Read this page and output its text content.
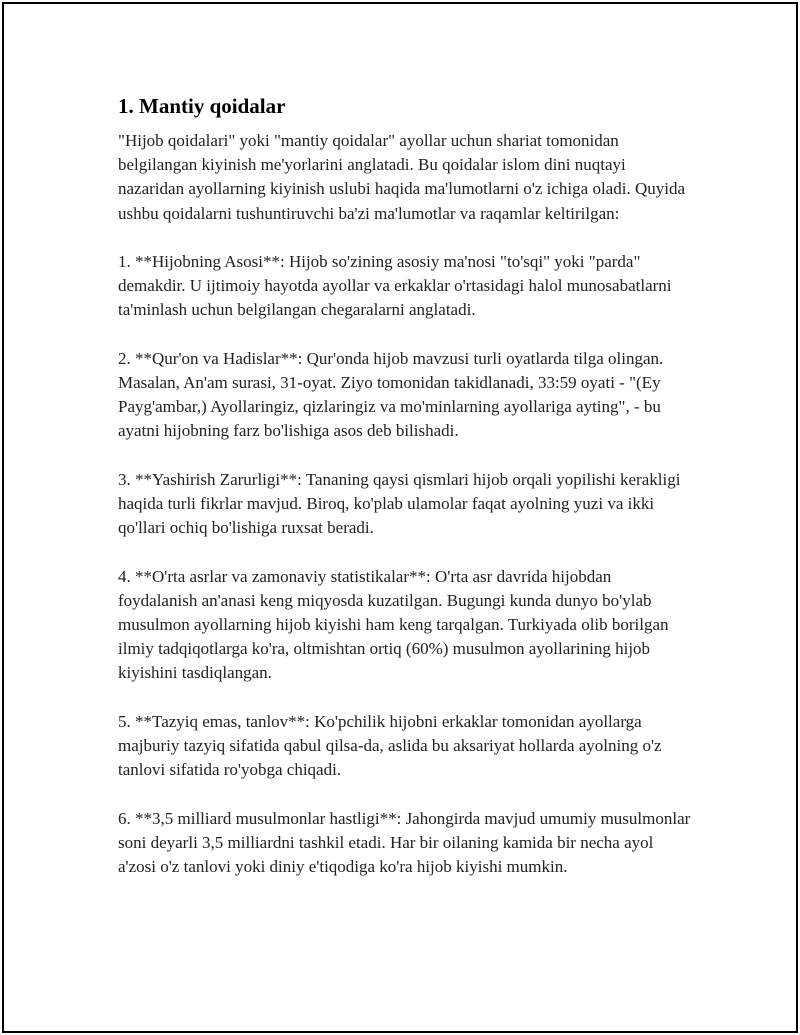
1. Mantiy qoidalar

"Hijob qoidalari" yoki "mantiy qoidalar" ayollar uchun shariat tomonidan belgilangan kiyinish me'yorlarini anglatadi. Bu qoidalar islom dini nuqtayi nazaridan ayollarning kiyinish uslubi haqida ma'lumotlarni o'z ichiga oladi. Quyida ushbu qoidalarni tushuntiruvchi ba'zi ma'lumotlar va raqamlar keltirilgan:

1. **Hijobning Asosi**: Hijob so'zining asosiy ma'nosi "to'sqi" yoki "parda" demakdir. U ijtimoiy hayotda ayollar va erkaklar o'rtasidagi halol munosabatlarni ta'minlash uchun belgilangan chegaralarni anglatadi.

2. **Qur'on va Hadislar**: Qur'onda hijob mavzusi turli oyatlarda tilga olingan. Masalan, An'am surasi, 31-oyat. Ziyo tomonidan takidlanadi, 33:59 oyati - "(Ey Payg'ambar,) Ayollaringiz, qizlaringiz va mo'minlarning ayollariga ayting", - bu ayatni hijobning farz bo'lishiga asos deb bilishadi.

3. **Yashirish Zarurligi**: Tananing qaysi qismlari hijob orqali yopilishi kerakligi haqida turli fikrlar mavjud. Biroq, ko'plab ulamolar faqat ayolning yuzi va ikki qo'llari ochiq bo'lishiga ruxsat beradi.

4. **O'rta asrlar va zamonaviy statistikalar**: O'rta asr davrida hijobdan foydalanish an'anasi keng miqyosda kuzatilgan. Bugungi kunda dunyo bo'ylab musulmon ayollarning hijob kiyishi ham keng tarqalgan. Turkiyada olib borilgan ilmiy tadqiqotlarga ko'ra, oltmishtan ortiq (60%) musulmon ayollarining hijob kiyishini tasdiqlangan.

5. **Tazyiq emas, tanlov**: Ko'pchilik hijobni erkaklar tomonidan ayollarga majburiy tazyiq sifatida qabul qilsa-da, aslida bu aksariyat hollarda ayolning o'z tanlovi sifatida ro'yobga chiqadi.

6. **3,5 milliard musulmonlar hastligi**: Jahongirda mavjud umumiy musulmonlar soni deyarli 3,5 milliardni tashkil etadi. Har bir oilaning kamida bir necha ayol a'zosi o'z tanlovi yoki diniy e'tiqodiga ko'ra hijob kiyishi mumkin.
